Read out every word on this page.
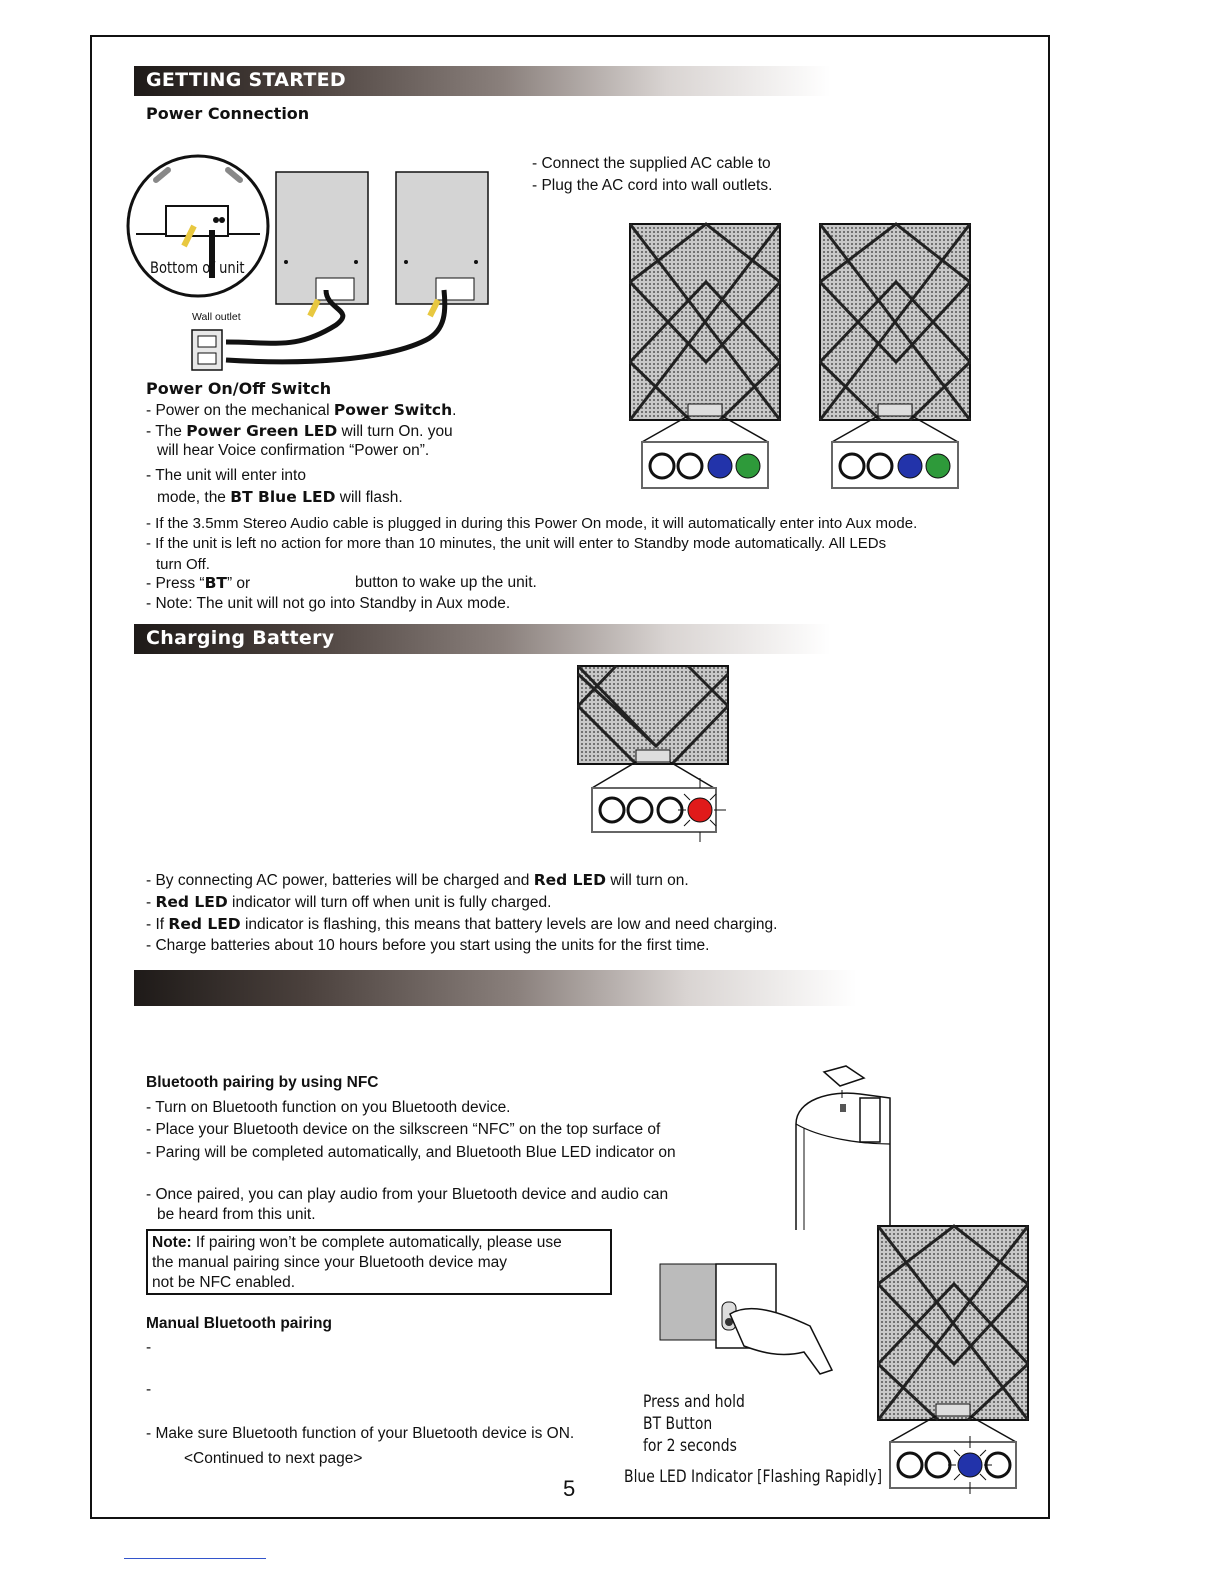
GETTING STARTED
Power Connection
- Connect the supplied AC cable to
- Plug the AC cord into wall outlets.
Bottom of unit
Wall outlet
Power On/Off Switch
- Power on the mechanical Power Switch.
- The Power Green LED will turn On. you
will hear Voice confirmation “Power on”.
- The unit will enter into
mode, the BT Blue LED will flash.
- If the 3.5mm Stereo Audio cable is plugged in during this Power On mode, it will automatically enter into Aux mode.
- If the unit is left no action for more than 10 minutes, the unit will enter to Standby mode automatically. All LEDs
turn Off.
- Press “BT” or	button to wake up the unit.
- Note: The unit will not go into Standby in Aux mode.
Charging Battery
- By connecting AC power, batteries will be charged and Red LED will turn on.
- Red LED indicator will turn off when unit is fully charged.
- If Red LED indicator is flashing, this means that battery levels are low and need charging.
- Charge batteries about 10 hours before you start using the units for the first time.
Bluetooth pairing by using NFC
- Turn on Bluetooth function on you Bluetooth device.
- Place your Bluetooth device on the silkscreen “NFC” on the top surface of
- Paring will be completed automatically, and Bluetooth Blue LED indicator on
- Once paired, you can play audio from your Bluetooth device and audio can
be heard from this unit.
Note: If pairing won’t be complete automatically, please use
the manual pairing since your Bluetooth device may
not be NFC enabled.
Manual Bluetooth pairing
-
-
- Make sure Bluetooth function of your Bluetooth device is ON.
<Continued to next page>
Press and hold
BT Button
for 2 seconds
Blue LED Indicator [Flashing Rapidly]
5
